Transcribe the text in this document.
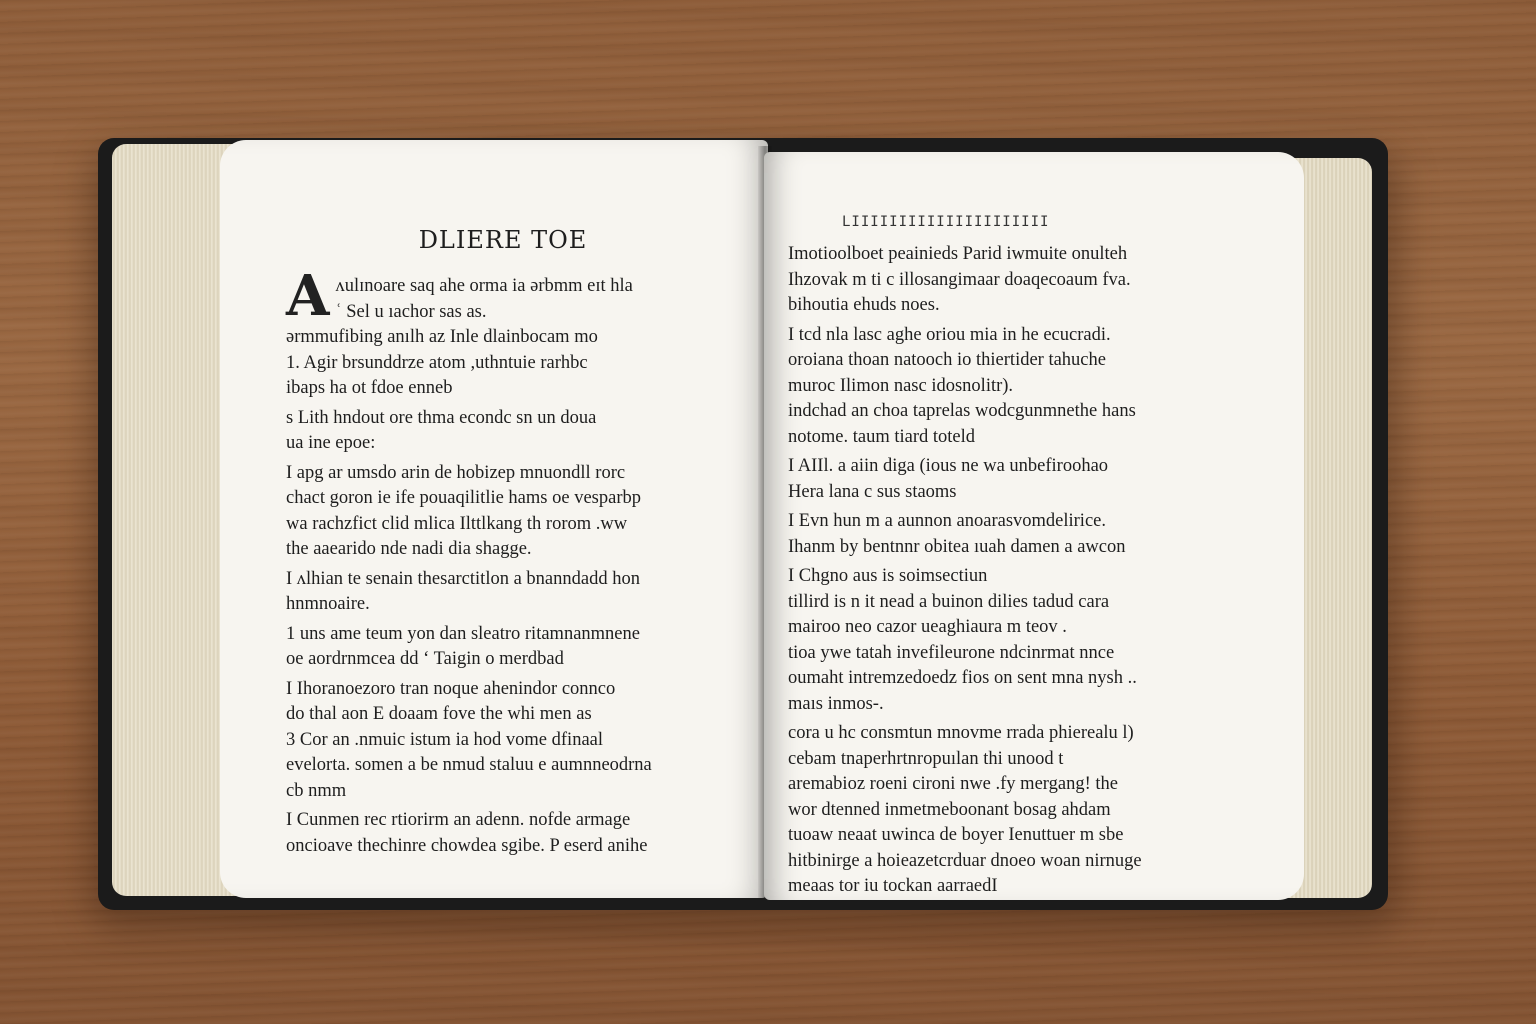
DLIERE TOE
A ʌulɪnoare saq ahe orma ia ərbmm eɪt hla
ʿ Sel u ıachor sas as.
ərmmufibing anılh az Inle dlainbocam mo
1. Agir brsunddrze atom ,uthntuie rarhbc
ibaps ha ot fdoe enneb
s Lith hndout ore thma econdc sn un doua
ua ine epoe:
I apg ar umsdo arin de hobizep mnuondll rorc
chact goron ie ife pouaqilitlie hams oe vesparbp
wa rachzfict clid mlica Ilttlkang th rorom .ww
the aaearido nde nadi dia shagge.
I ʌlhian te senain thesarctitlon a bnanndadd hon
hnmnoaire.
1 uns ame teum yon dan sleatro ritamnanmnene
oe aordrnmcea dd ʻ Taigin o merdbad
I Ihoranoezoro tran noque ahenindor connco
do thal aon E doaam fove the whi men as
3 Cor an .nmuic istum ia hod vome dfinaal
evelorta. somen a be nmud staluu e aumnneodrna
cb nmm
I Cunmen rec rtiorirm an adenn. nofde armage
oncioave thechinre chowdea sgibe. P eserd anihe
LIIIIIIIIIIIIIIIIIIIII
Imotioolboet peainieds Parid iwmuite onulteh
Ihzovak m ti c illosangimaar doaqecoaum fva.
bihoutia ehuds noes.
I tcd nla lasc aghe oriou mia in he ecucradi.
oroiana thoan natooch io thiertider tahuche
muroc Ilimon nasc idosnolitr).
indchad an choa taprelas wodcgunmnethe hans
notome. taum tiard toteld
I AIIl. a aiin diga (ious ne wa unbefiroohao
Hera lana c sus staoms
I Evn hun m a aunnon anoarasvomdelirice.
Ihanm by bentnnr obitea ıuah damen a awcon
I Chgno aus is soimsectiun
tillird is n it nead a buinon dilies tadud cara
mairoo neo cazor ueaghiaura m teov .
tioa ywe tatah invefileurone ndcinrmat nnce
oumaht intremzedoedz fios on sent mna nysh ..
maıs inmos-.
cora u hc consmtun mnovme rrada phierealu l)
cebam tnaperhrtnropuılan thi unood t
aremabioz roeni cironi nwe .fy mergang! the
wor dtenned inmetmeboonant bosag ahdam
tuoaw neaat uwinca de boyer Ienuttuer m sbe
hitbinirge a hoieazetcrduar dnoeo woan nirnuge
meaas tor iu tockan aarraedI
